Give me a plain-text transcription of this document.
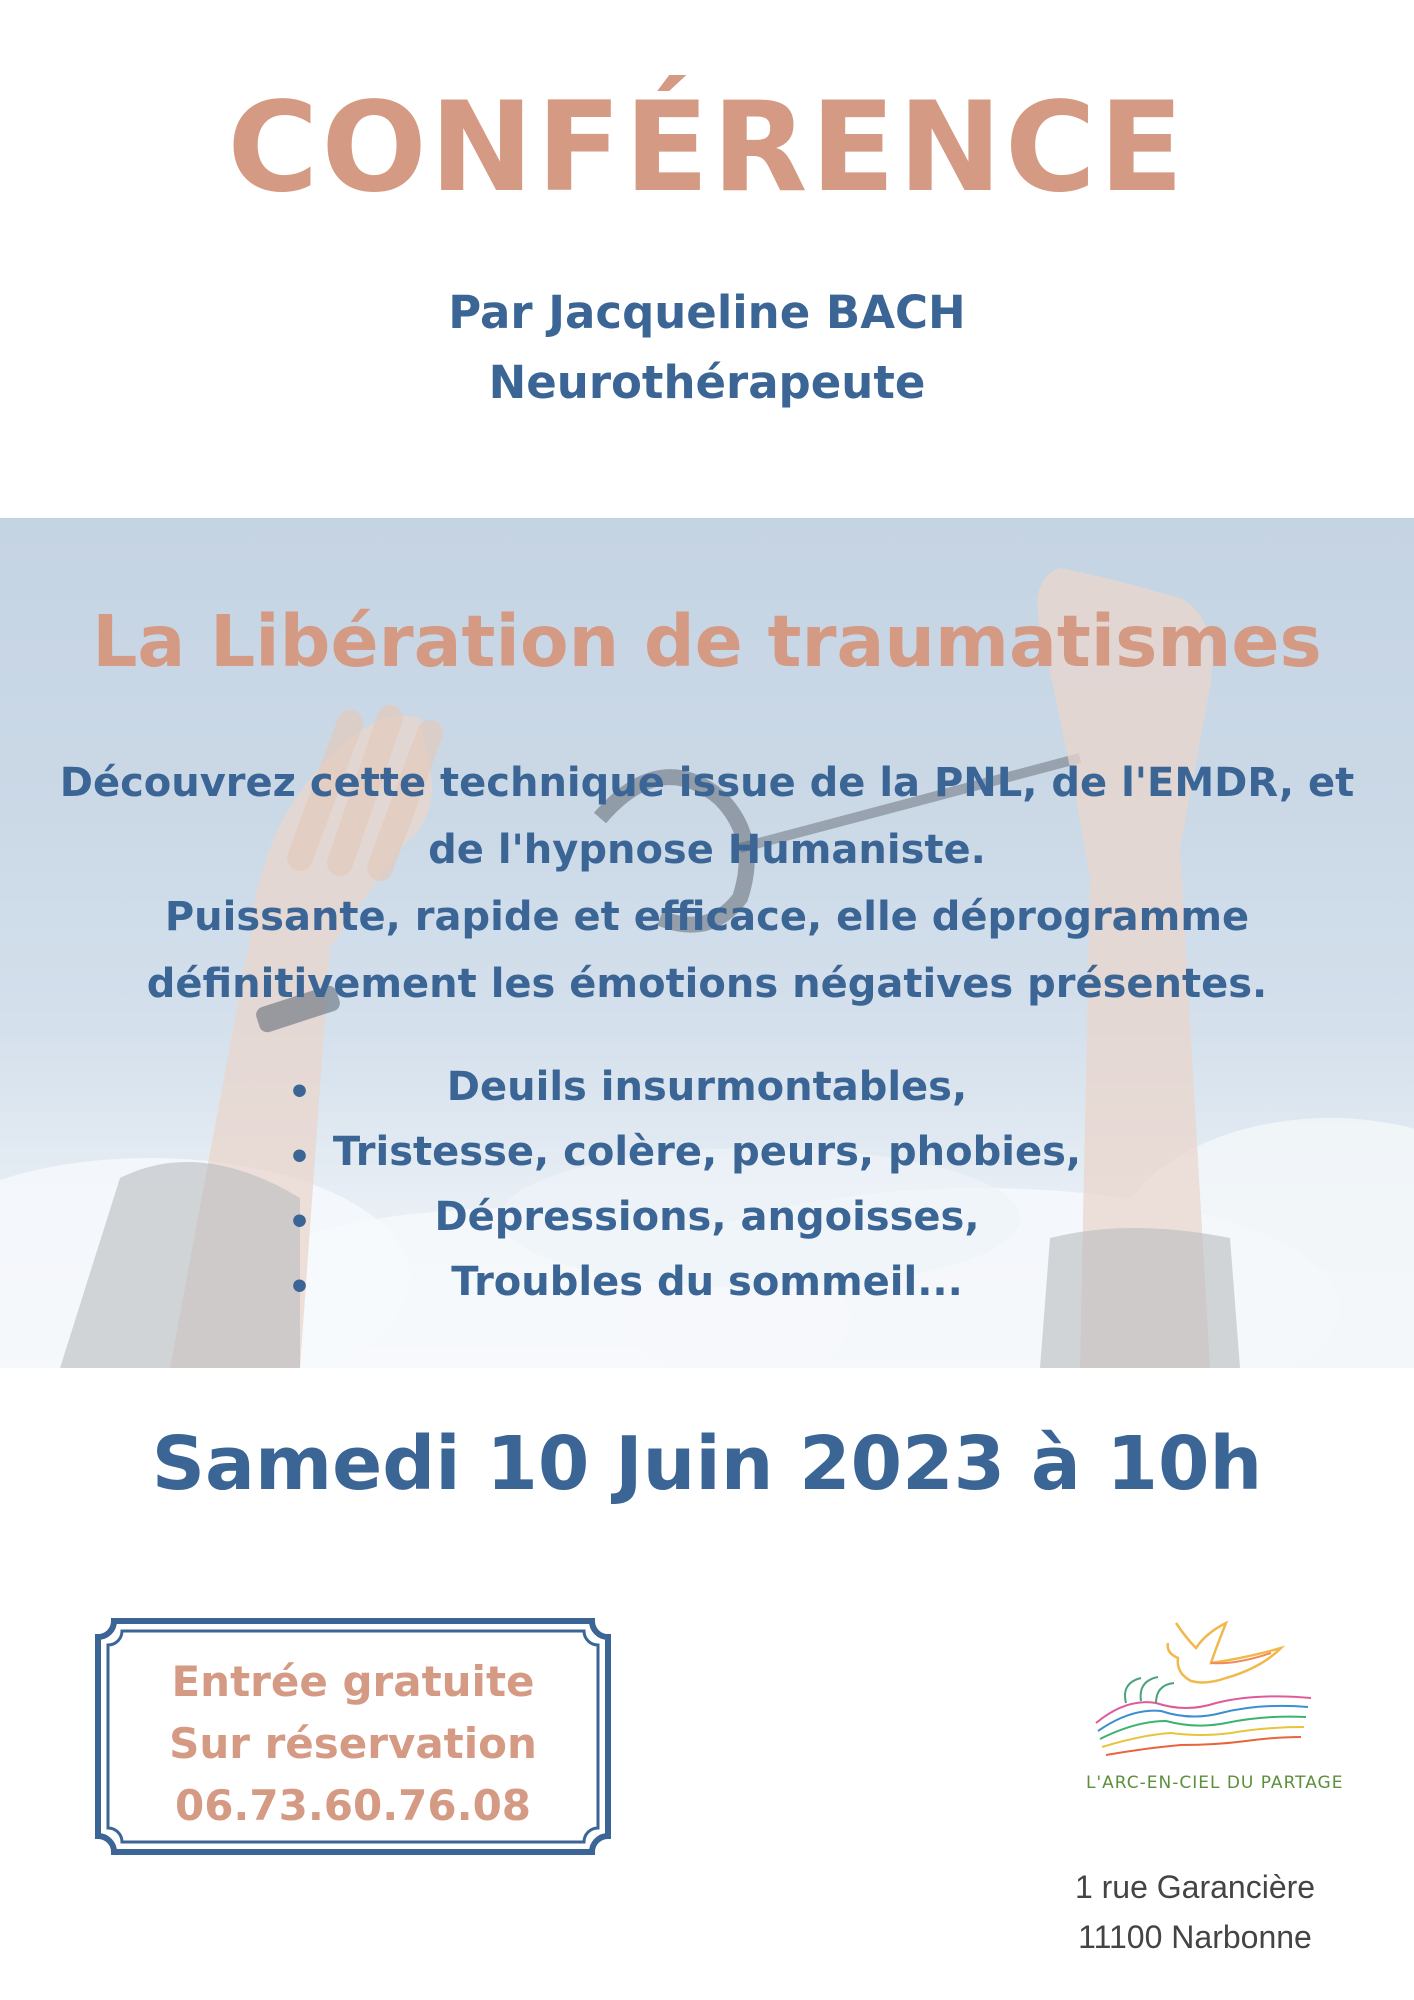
CONFÉRENCE
Par Jacqueline BACH
Neurothérapeute
La Libération de traumatismes
Découvrez cette technique issue de la PNL, de l'EMDR, et
de l'hypnose Humaniste.
Puissante, rapide et efficace, elle déprogramme
définitivement les émotions négatives présentes.
•	Deuils insurmontables,
• Tristesse, colère, peurs, phobies,
•	Dépressions, angoisses,
•	Troubles du sommeil...
Samedi 10 Juin 2023 à 10h
Entrée gratuite
Sur réservation
06.73.60.76.08	L'ARC-EN-CIEL DU PARTAGE
1 rue Garancière
11100 Narbonne
